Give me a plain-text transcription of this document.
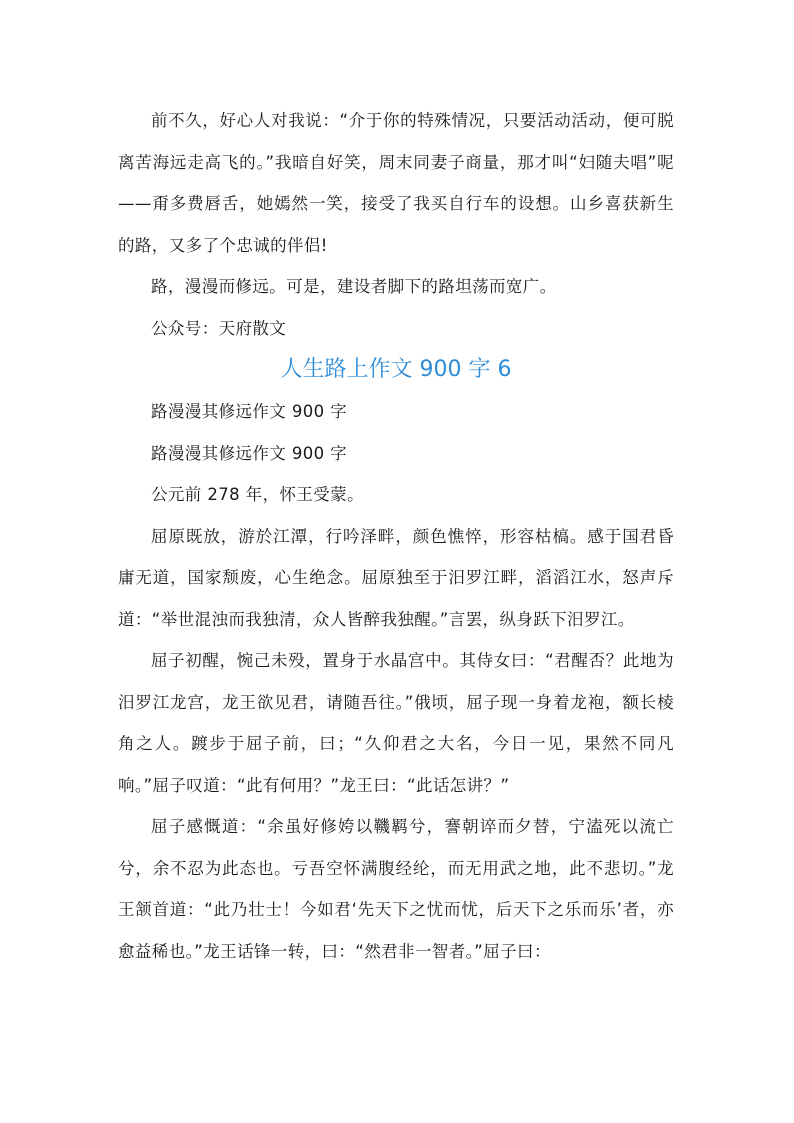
前不久，好心人对我说：“介于你的特殊情况，只要活动活动，便可脱离苦海远走高飞的。”我暗自好笑，周末同妻子商量，那才叫“妇随夫唱”呢——甭多费唇舌，她嫣然一笑，接受了我买自行车的设想。山乡喜获新生的路，又多了个忠诚的伴侣!

路，漫漫而修远。可是，建设者脚下的路坦荡而宽广。

公众号：天府散文

人生路上作文 900 字 6

路漫漫其修远作文 900 字

路漫漫其修远作文 900 字

公元前 278 年，怀王受蒙。

屈原既放，游於江潭，行吟泽畔，颜色憔悴，形容枯槁。感于国君昏庸无道，国家颓废，心生绝念。屈原独至于汨罗江畔，滔滔江水，怒声斥道：“举世混浊而我独清，众人皆醉我独醒。”言罢，纵身跃下汨罗江。

屈子初醒，惋己未殁，置身于水晶宫中。其侍女曰：“君醒否？此地为汨罗江龙宫，龙王欲见君，请随吾往。”俄顷，屈子现一身着龙袍，额长棱角之人。踱步于屈子前，曰；“久仰君之大名，今日一见，果然不同凡响。”屈子叹道：“此有何用？”龙王曰：“此话怎讲？”

屈子感慨道：“余虽好修姱以鞿羁兮，謇朝谇而夕替，宁溘死以流亡兮，余不忍为此态也。亏吾空怀满腹经纶，而无用武之地，此不悲切。”龙王颔首道：“此乃壮士！今如君‘先天下之忧而忧，后天下之乐而乐’者，亦愈益稀也。”龙王话锋一转，曰：“然君非一智者。”屈子曰：
